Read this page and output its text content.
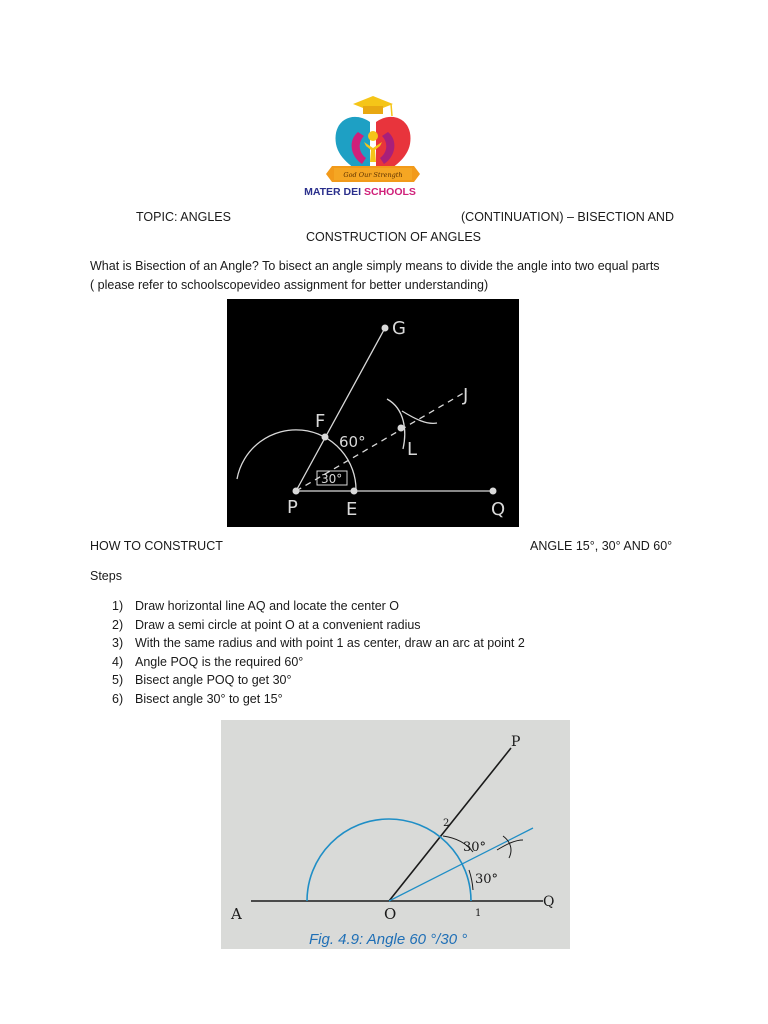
God Our Strength
MATER DEI SCHOOLS
TOPIC: ANGLES	(CONTINUATION) – BISECTION AND
CONSTRUCTION OF ANGLES
What is Bisection of an Angle? To bisect an angle simply means to divide the angle into two equal parts
( please refer to schoolscopevideo assignment for better understanding)
G
J
F
L
P	E	Q
60°
30°
HOW TO CONSTRUCT	ANGLE 15°, 30° AND 60°
Steps
1) Draw horizontal line AQ and locate the center O
2) Draw a semi circle at point O at a convenient radius
3) With the same radius and with point 1 as center, draw an arc at point 2
4) Angle POQ is the required 60°
5) Bisect angle POQ to get 30°
6) Bisect angle 30° to get 15°
P
A	O
Q
1
2
30°
30°
Fig. 4.9: Angle 60 °/30 °
